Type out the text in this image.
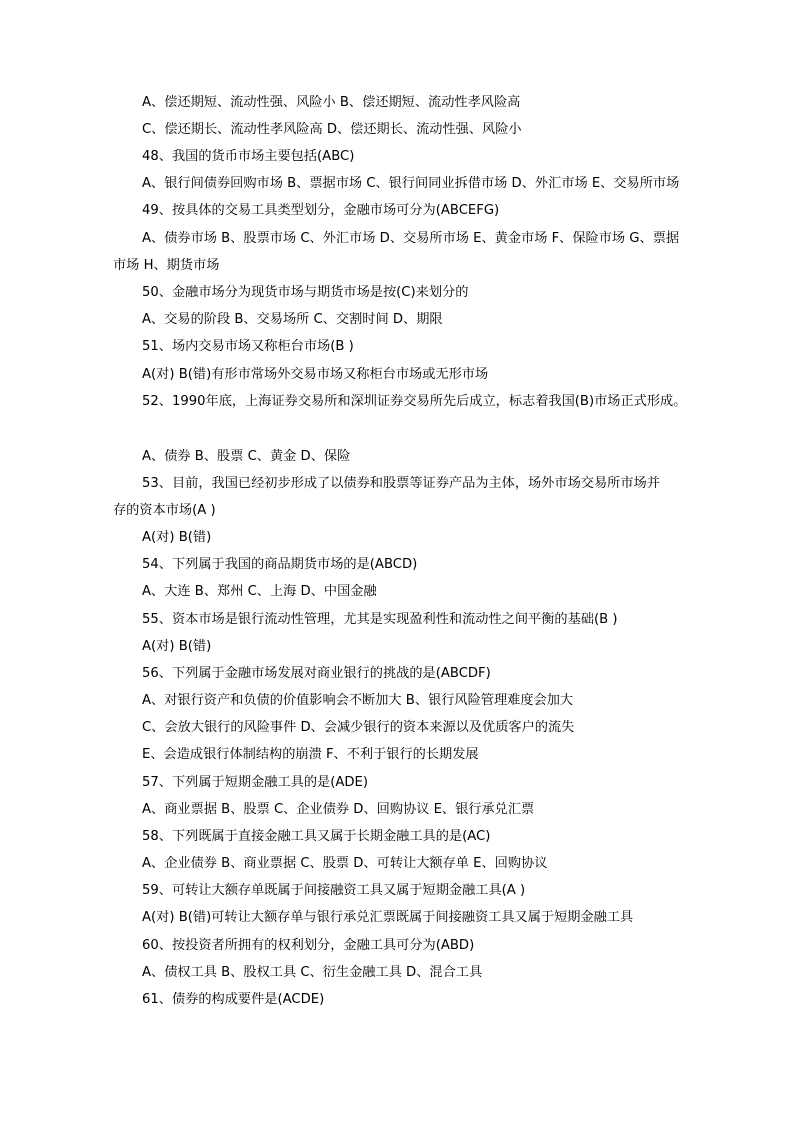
A、偿还期短、流动性强、风险小 B、偿还期短、流动性孝风险高
C、偿还期长、流动性孝风险高 D、偿还期长、流动性强、风险小
48、我国的货币市场主要包括(ABC)
A、银行间债券回购市场 B、票据市场 C、银行间同业拆借市场 D、外汇市场 E、交易所市场
49、按具体的交易工具类型划分，金融市场可分为(ABCEFG)
A、债券市场 B、股票市场 C、外汇市场 D、交易所市场 E、黄金市场 F、保险市场 G、票据
市场 H、期货市场
50、金融市场分为现货市场与期货市场是按(C)来划分的
A、交易的阶段 B、交易场所 C、交割时间 D、期限
51、场内交易市场又称柜台市场(B )
A(对) B(错)有形市常场外交易市场又称柜台市场或无形市场
52、1990年底，上海证券交易所和深圳证券交易所先后成立，标志着我国(B)市场正式形成。
A、债券 B、股票 C、黄金 D、保险
53、目前，我国已经初步形成了以债券和股票等证券产品为主体，场外市场交易所市场并
存的资本市场(A )
A(对) B(错)
54、下列属于我国的商品期货市场的是(ABCD)
A、大连 B、郑州 C、上海 D、中国金融
55、资本市场是银行流动性管理，尤其是实现盈利性和流动性之间平衡的基础(B )
A(对) B(错)
56、下列属于金融市场发展对商业银行的挑战的是(ABCDF)
A、对银行资产和负债的价值影响会不断加大 B、银行风险管理难度会加大
C、会放大银行的风险事件 D、会减少银行的资本来源以及优质客户的流失
E、会造成银行体制结构的崩溃 F、不利于银行的长期发展
57、下列属于短期金融工具的是(ADE)
A、商业票据 B、股票 C、企业债券 D、回购协议 E、银行承兑汇票
58、下列既属于直接金融工具又属于长期金融工具的是(AC)
A、企业债券 B、商业票据 C、股票 D、可转让大额存单 E、回购协议
59、可转让大额存单既属于间接融资工具又属于短期金融工具(A )
A(对) B(错)可转让大额存单与银行承兑汇票既属于间接融资工具又属于短期金融工具
60、按投资者所拥有的权利划分，金融工具可分为(ABD)
A、债权工具 B、股权工具 C、衍生金融工具 D、混合工具
61、债券的构成要件是(ACDE)
